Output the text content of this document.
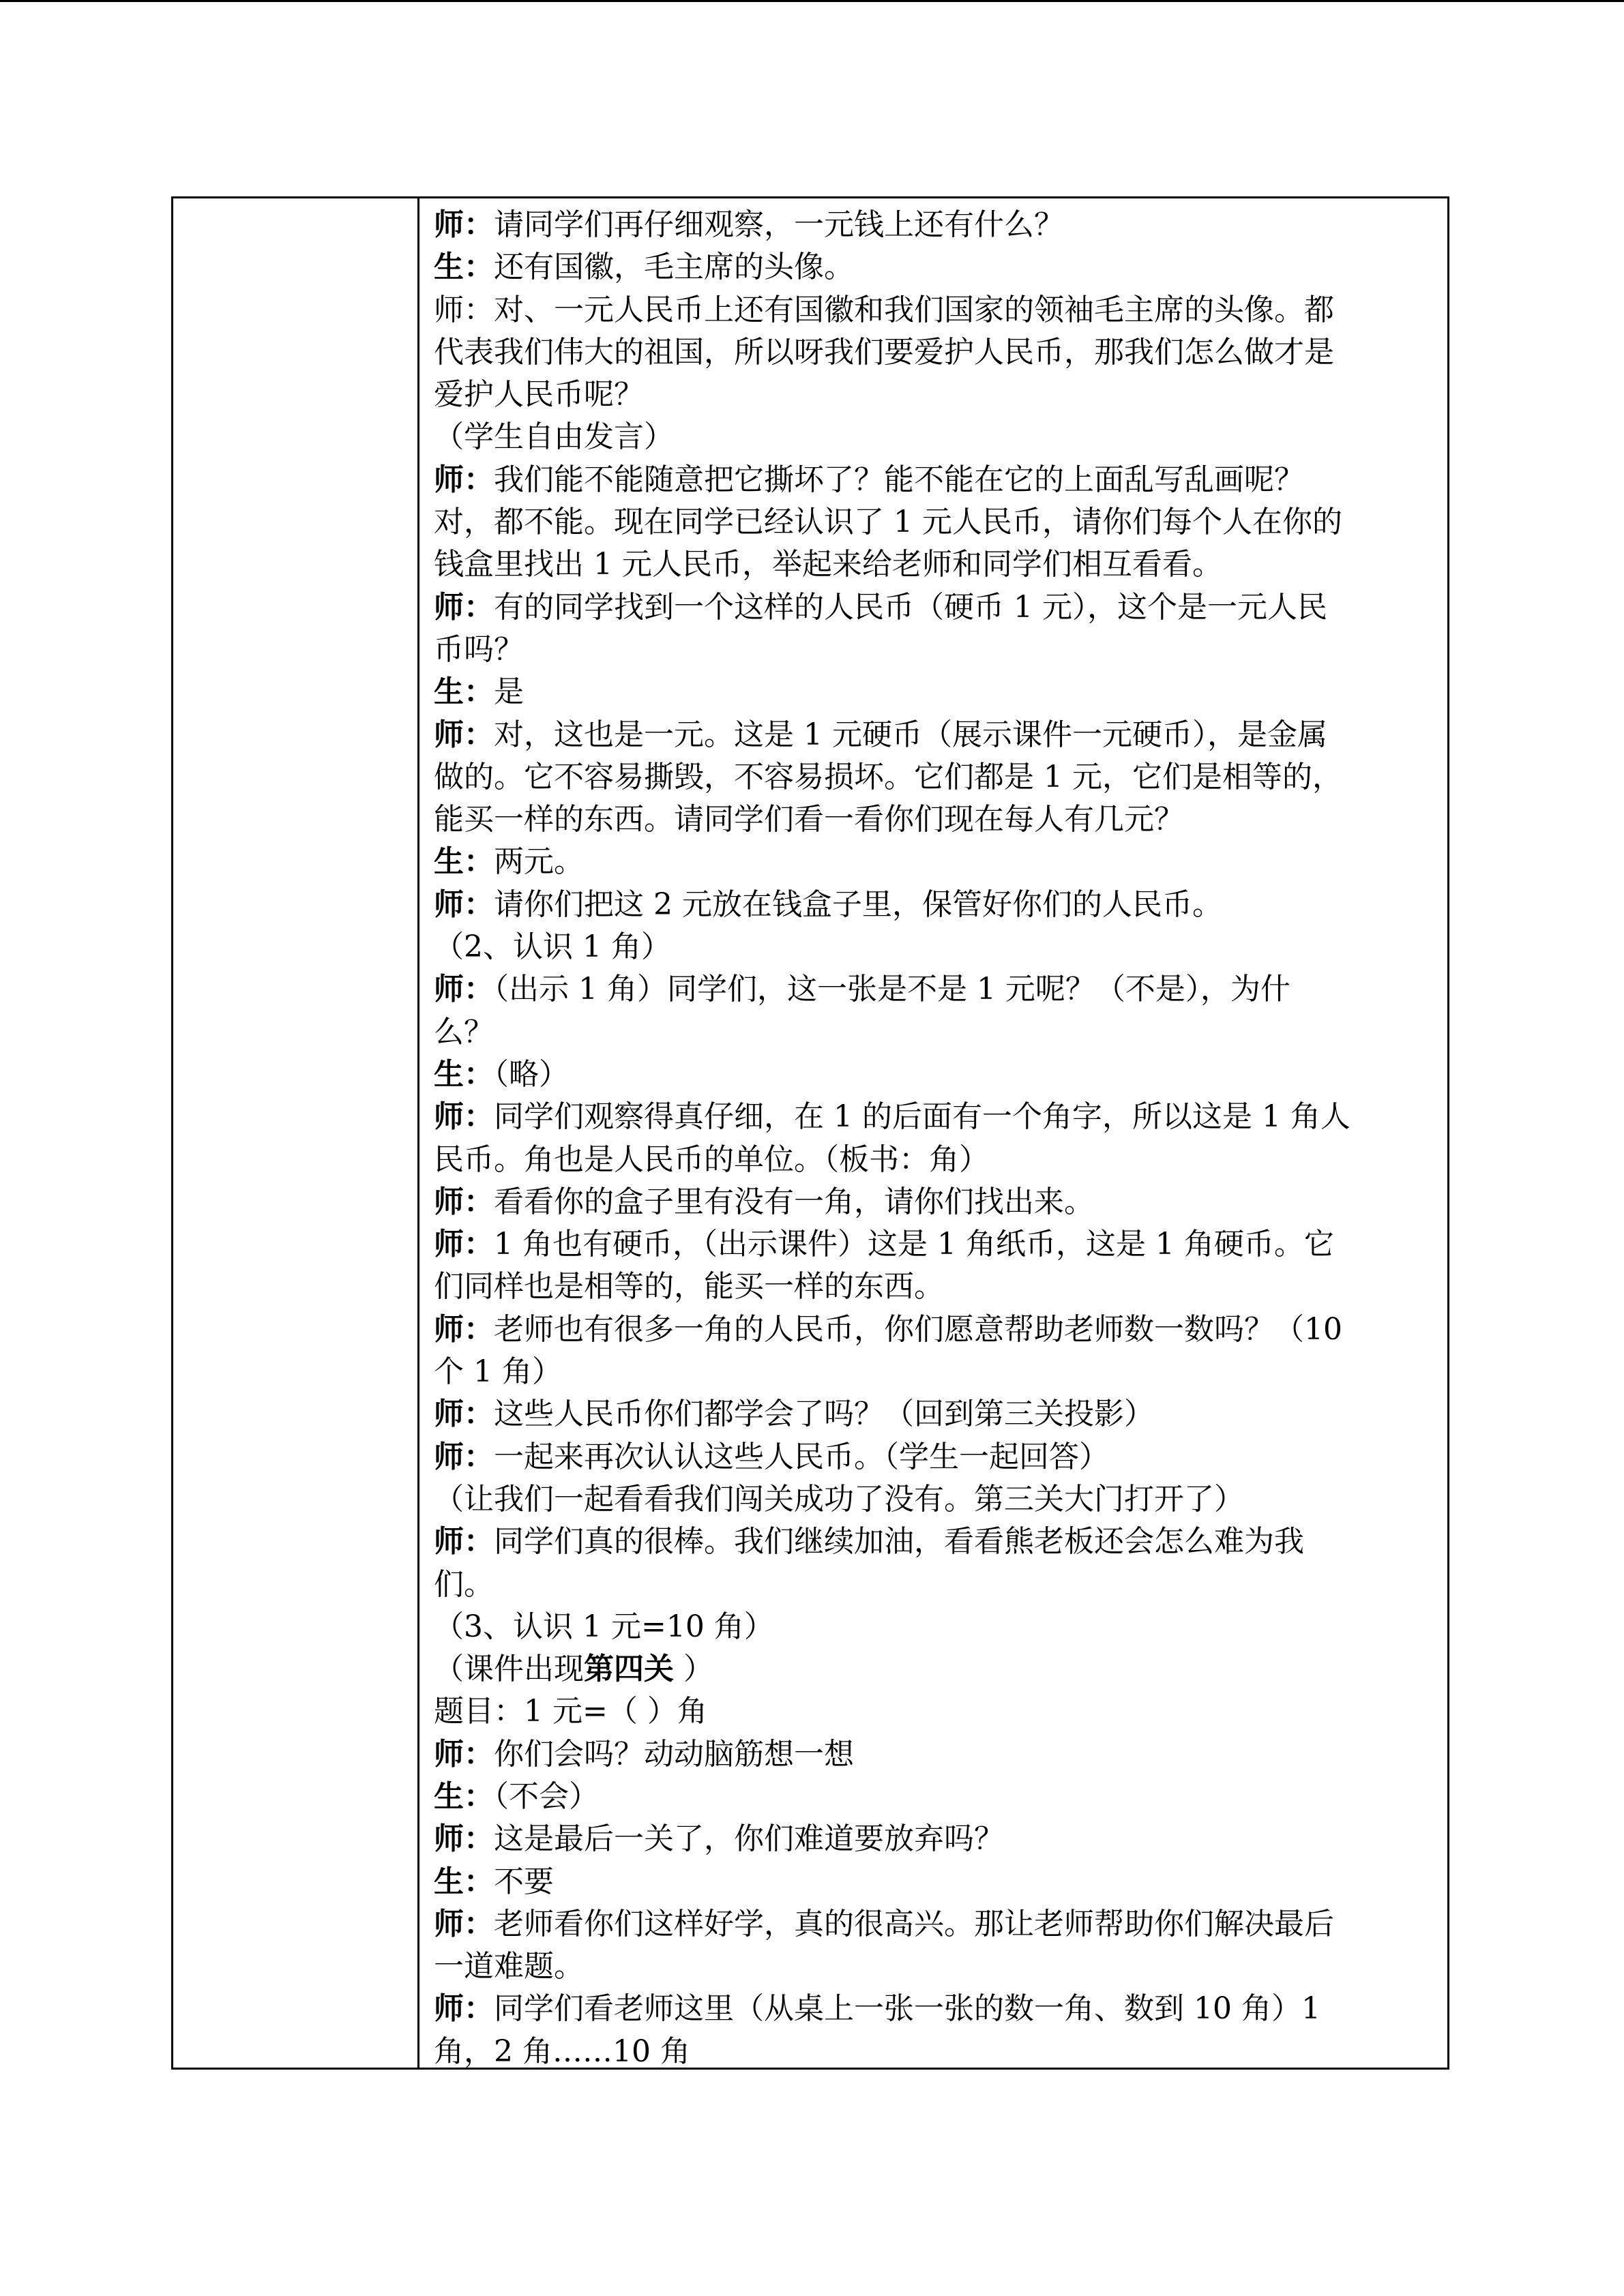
师：请同学们再仔细观察，一元钱上还有什么？
生：还有国徽，毛主席的头像。
师：对、一元人民币上还有国徽和我们国家的领袖毛主席的头像。都
代表我们伟大的祖国，所以呀我们要爱护人民币，那我们怎么做才是
爱护人民币呢？
（学生自由发言）
师：我们能不能随意把它撕坏了？能不能在它的上面乱写乱画呢？
对，都不能。现在同学已经认识了 1 元人民币，请你们每个人在你的
钱盒里找出 1 元人民币，举起来给老师和同学们相互看看。
师：有的同学找到一个这样的人民币（硬币 1 元），这个是一元人民
币吗？
生：是
师：对，这也是一元。这是 1 元硬币（展示课件一元硬币），是金属
做的。它不容易撕毁，不容易损坏。它们都是 1 元，它们是相等的，
能买一样的东西。请同学们看一看你们现在每人有几元？
生：两元。
师：请你们把这 2 元放在钱盒子里，保管好你们的人民币。
（2、认识 1 角）
师：（出示 1 角）同学们，这一张是不是 1 元呢？（不是），为什
么？
生：（略）
师：同学们观察得真仔细，在 1 的后面有一个角字，所以这是 1 角人
民币。角也是人民币的单位。（板书：角）
师：看看你的盒子里有没有一角，请你们找出来。
师：1 角也有硬币，（出示课件）这是 1 角纸币，这是 1 角硬币。它
们同样也是相等的，能买一样的东西。
师：老师也有很多一角的人民币，你们愿意帮助老师数一数吗？（10
个 1 角）
师：这些人民币你们都学会了吗？（回到第三关投影）
师：一起来再次认认这些人民币。（学生一起回答）
（让我们一起看看我们闯关成功了没有。第三关大门打开了）
师：同学们真的很棒。我们继续加油，看看熊老板还会怎么难为我
们。
（3、认识 1 元=10 角）
（课件出现第四关 ）
题目：1 元=（ ）角
师：你们会吗？动动脑筋想一想
生：（不会）
师：这是最后一关了，你们难道要放弃吗？
生：不要
师：老师看你们这样好学，真的很高兴。那让老师帮助你们解决最后
一道难题。
师：同学们看老师这里（从桌上一张一张的数一角、数到 10 角）1
角，2 角……10 角
